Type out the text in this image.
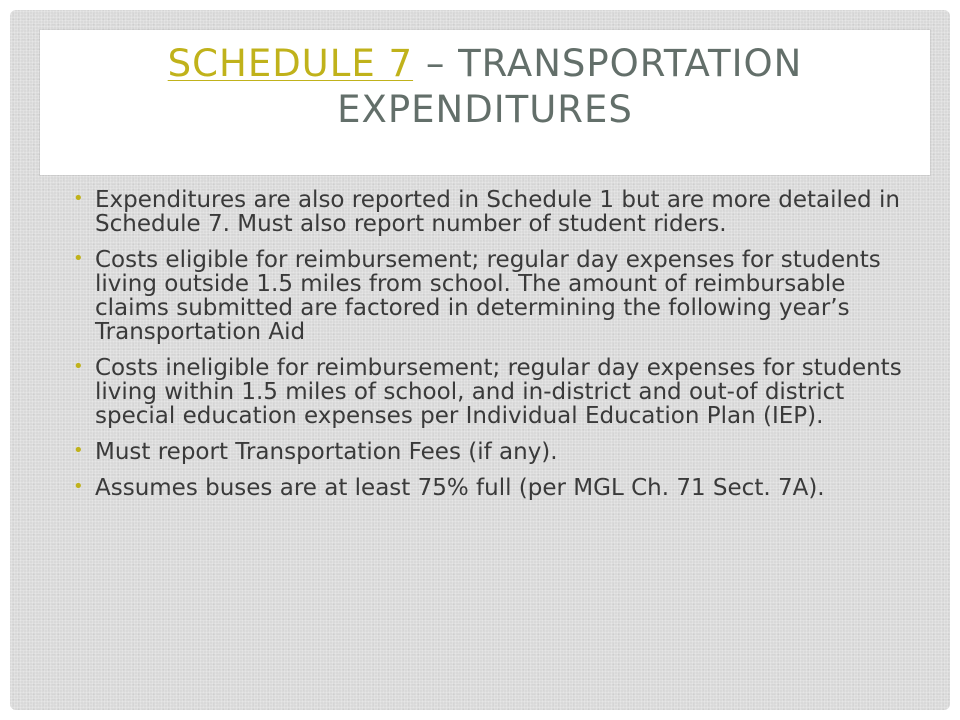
SCHEDULE 7 – TRANSPORTATION EXPENDITURES
• Expenditures are also reported in Schedule 1 but are more detailed in Schedule 7. Must also report number of student riders.
• Costs eligible for reimbursement; regular day expenses for students living outside 1.5 miles from school. The amount of reimbursable claims submitted are factored in determining the following year’s Transportation Aid
• Costs ineligible for reimbursement; regular day expenses for students living within 1.5 miles of school, and in-district and out-of district special education expenses per Individual Education Plan (IEP).
• Must report Transportation Fees (if any).
• Assumes buses are at least 75% full (per MGL Ch. 71 Sect. 7A).
